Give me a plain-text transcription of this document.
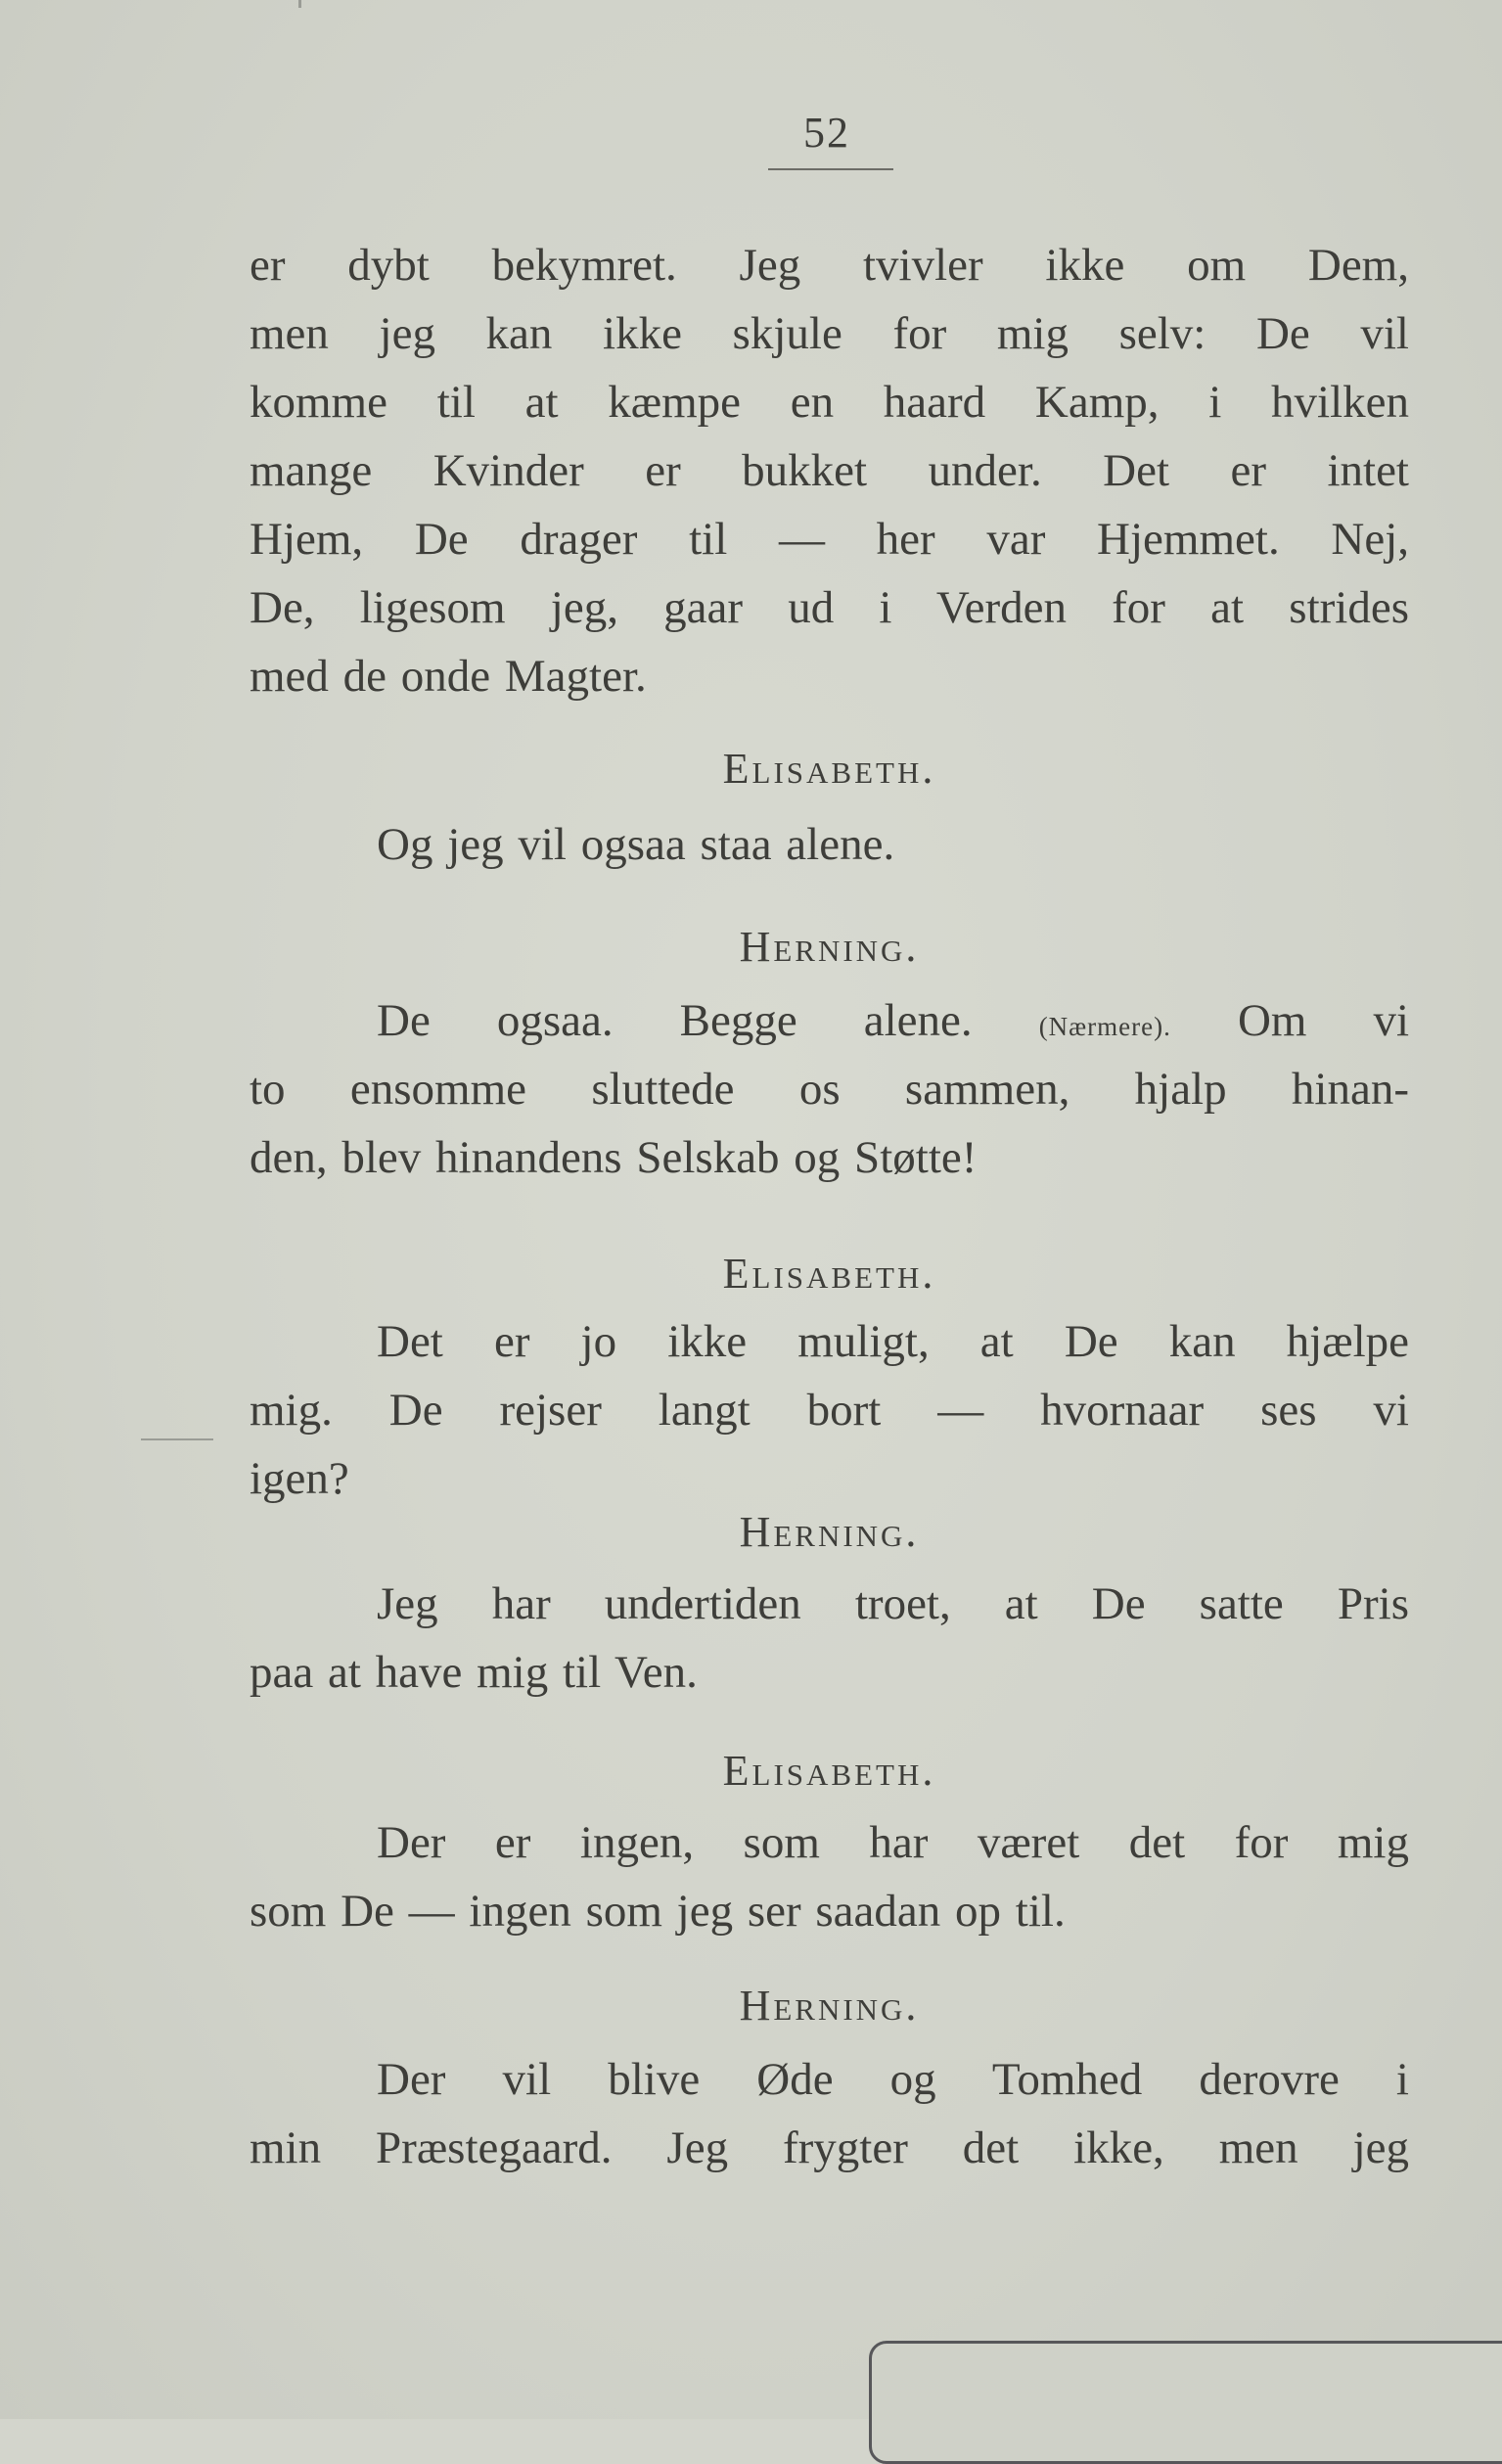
52
er dybt bekymret. Jeg tvivler ikke om Dem,
men jeg kan ikke skjule for mig selv: De vil
komme til at kæmpe en haard Kamp, i hvilken
mange Kvinder er bukket under. Det er intet
Hjem, De drager til — her var Hjemmet. Nej,
De, ligesom jeg, gaar ud i Verden for at strides
med de onde Magter.
Elisabeth.
Og jeg vil ogsaa staa alene.
Herning.
De ogsaa. Begge alene.	(Nærmere). Om vi
to ensomme sluttede os sammen, hjalp hinan-
den, blev hinandens Selskab og Støtte!
Elisabeth.
Det er jo ikke muligt, at De kan hjælpe
mig. De rejser langt bort — hvornaar ses vi
igen?
Herning.
Jeg har undertiden troet, at De satte Pris
paa at have mig til Ven.
Elisabeth.
Der er ingen, som har været det for mig
som De — ingen som jeg ser saadan op til.
Herning.
Der vil blive Øde og Tomhed derovre i
min Præstegaard. Jeg frygter det ikke, men jeg
